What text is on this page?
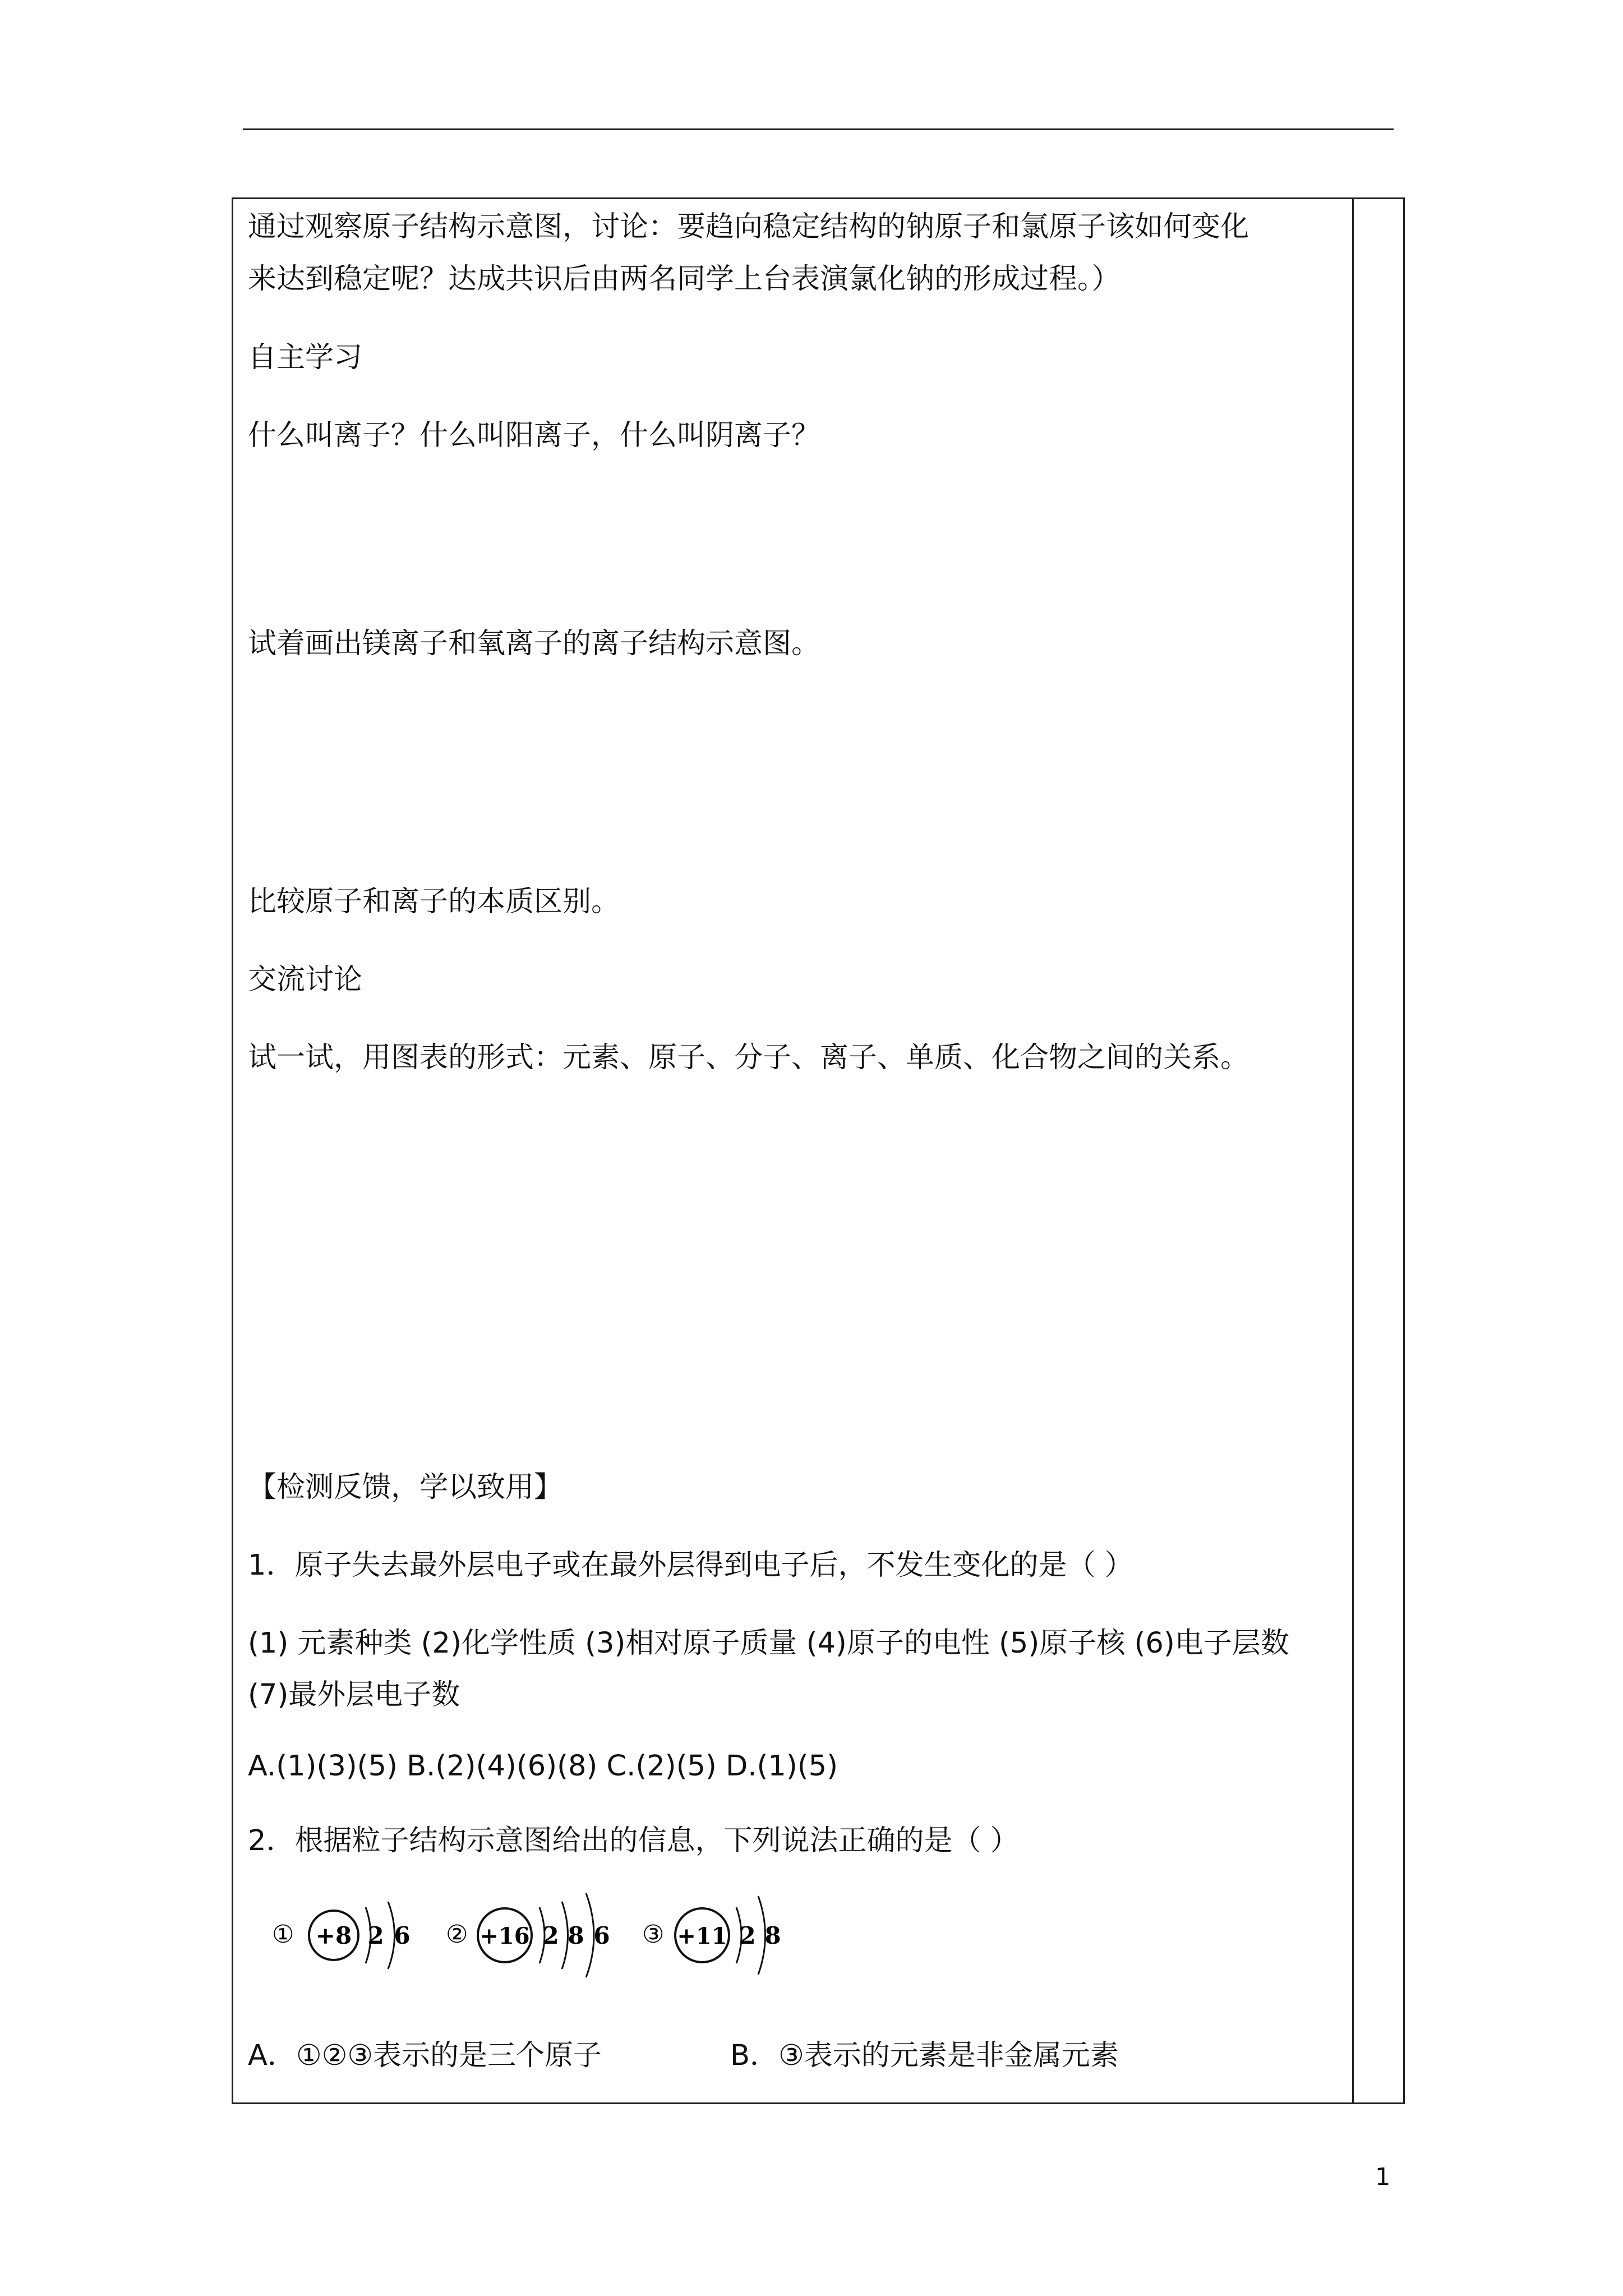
通过观察原子结构示意图，讨论：要趋向稳定结构的钠原子和氯原子该如何变化
来达到稳定呢？达成共识后由两名同学上台表演氯化钠的形成过程。）
自主学习
什么叫离子？什么叫阳离子，什么叫阴离子？
试着画出镁离子和氧离子的离子结构示意图。
比较原子和离子的本质区别。
交流讨论
试一试，用图表的形式：元素、原子、分子、离子、单质、化合物之间的关系。
【检测反馈，学以致用】
1．原子失去最外层电子或在最外层得到电子后，不发生变化的是（ ）
(1) 元素种类 (2)化学性质 (3)相对原子质量 (4)原子的电性 (5)原子核 (6)电子层数
(7)最外层电子数
A.(1)(3)(5) B.(2)(4)(6)(8) C.(2)(5) D.(1)(5)
2．根据粒子结构示意图给出的信息，下列说法正确的是（ ）
A．①②③表示的是三个原子	B．③表示的元素是非金属元素
① +8 2 6 ② +16 2 8 6 ③ +11 2 8
1
